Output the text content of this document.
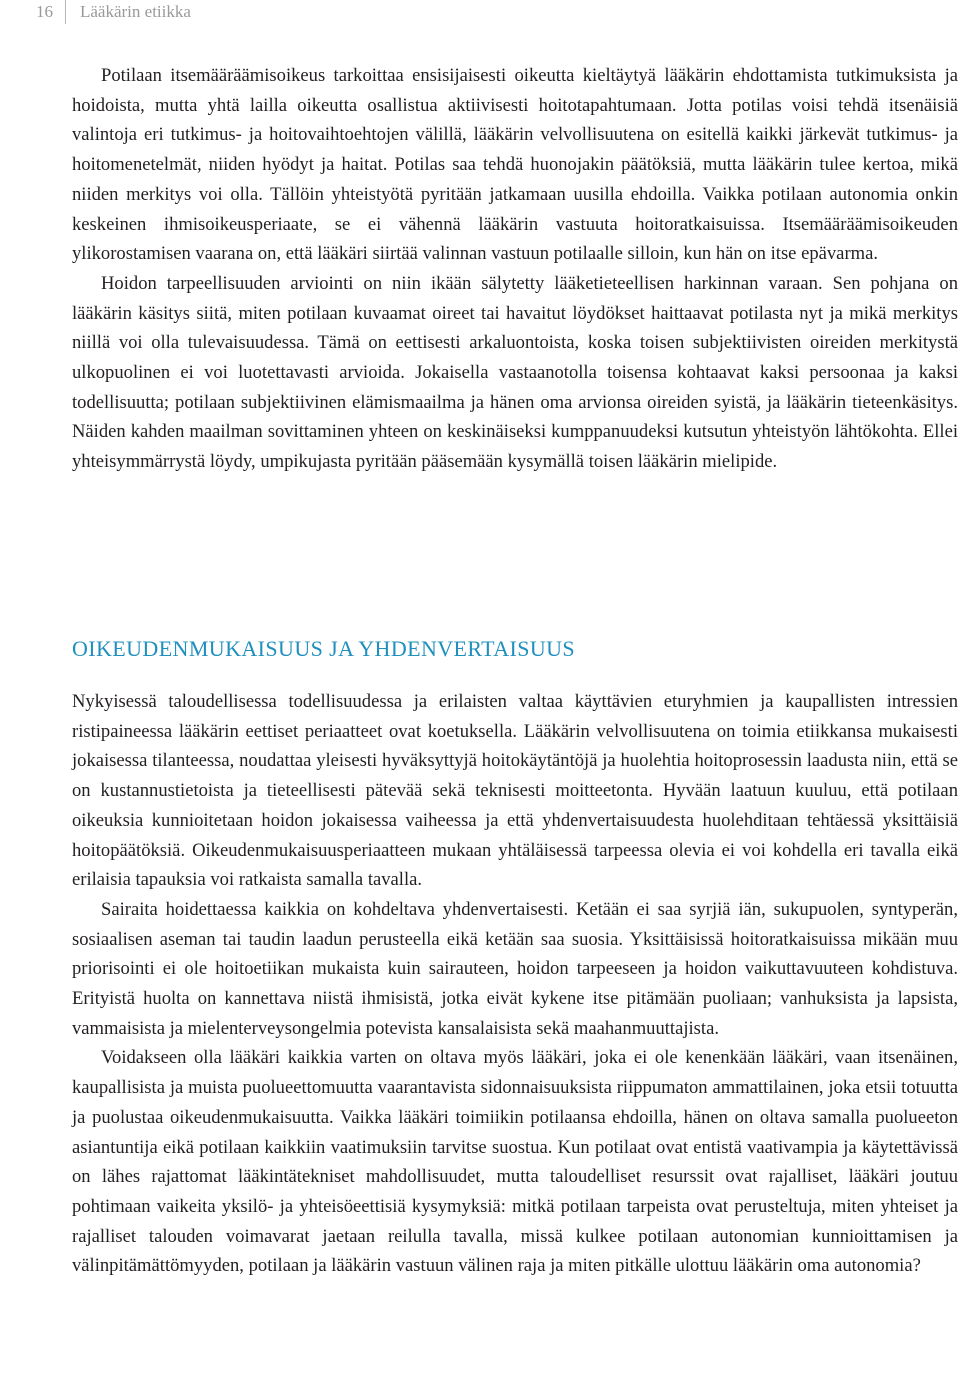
16	Lääkärin etiikka

Potilaan itsemääräämisoikeus tarkoittaa ensisijaisesti oikeutta kieltäytyä lääkärin ehdottamista tutkimuksista ja hoidoista, mutta yhtä lailla oikeutta osallistua aktiivisesti hoitotapahtumaan. Jotta potilas voisi tehdä itsenäisiä valintoja eri tutkimus- ja hoitovaihtoehtojen välillä, lääkärin velvollisuutena on esitellä kaikki järkevät tutkimus- ja hoitomenetelmät, niiden hyödyt ja haitat. Potilas saa tehdä huonojakin päätöksiä, mutta lääkärin tulee kertoa, mikä niiden merkitys voi olla. Tällöin yhteistyötä pyritään jatkamaan uusilla ehdoilla. Vaikka potilaan autonomia onkin keskeinen ihmisoikeusperiaate, se ei vähennä lääkärin vastuuta hoitoratkaisuissa. Itsemääräämisoikeuden ylikorostamisen vaarana on, että lääkäri siirtää valinnan vastuun potilaalle silloin, kun hän on itse epävarma.

Hoidon tarpeellisuuden arviointi on niin ikään sälytetty lääketieteellisen harkinnan varaan. Sen pohjana on lääkärin käsitys siitä, miten potilaan kuvaamat oireet tai havaitut löydökset haittaavat potilasta nyt ja mikä merkitys niillä voi olla tulevaisuudessa. Tämä on eettisesti arkaluontoista, koska toisen subjektiivisten oireiden merkitystä ulkopuolinen ei voi luotettavasti arvioida. Jokaisella vastaanotolla toisensa kohtaavat kaksi persoonaa ja kaksi todellisuutta; potilaan subjektiivinen elämismaailma ja hänen oma arvionsa oireiden syistä, ja lääkärin tieteenkäsitys. Näiden kahden maailman sovittaminen yhteen on keskinäiseksi kumppanuudeksi kutsutun yhteistyön lähtökohta. Ellei yhteisymmärrystä löydy, umpikujasta pyritään pääsemään kysymällä toisen lääkärin mielipide.

OIKEUDENMUKAISUUS JA YHDENVERTAISUUS

Nykyisessä taloudellisessa todellisuudessa ja erilaisten valtaa käyttävien eturyhmien ja kaupallisten intressien ristipaineessa lääkärin eettiset periaatteet ovat koetuksella. Lääkärin velvollisuutena on toimia etiikkansa mukaisesti jokaisessa tilanteessa, noudattaa yleisesti hyväksyttyjä hoitokäytäntöjä ja huolehtia hoitoprosessin laadusta niin, että se on kustannustietoista ja tieteellisesti pätevää sekä teknisesti moitteetonta. Hyvään laatuun kuuluu, että potilaan oikeuksia kunnioitetaan hoidon jokaisessa vaiheessa ja että yhdenvertaisuudesta huolehditaan tehtäessä yksittäisiä hoitopäätöksiä. Oikeudenmukaisuusperiaatteen mukaan yhtäläisessä tarpeessa olevia ei voi kohdella eri tavalla eikä erilaisia tapauksia voi ratkaista samalla tavalla.

Sairaita hoidettaessa kaikkia on kohdeltava yhdenvertaisesti. Ketään ei saa syrjiä iän, sukupuolen, syntyperän, sosiaalisen aseman tai taudin laadun perusteella eikä ketään saa suosia. Yksittäisissä hoitoratkaisuissa mikään muu priorisointi ei ole hoitoetiikan mukaista kuin sairauteen, hoidon tarpeeseen ja hoidon vaikuttavuuteen kohdistuva. Erityistä huolta on kannettava niistä ihmisistä, jotka eivät kykene itse pitämään puoliaan; vanhuksista ja lapsista, vammaisista ja mielenterveysongelmia potevista kansalaisista sekä maahanmuuttajista.

Voidakseen olla lääkäri kaikkia varten on oltava myös lääkäri, joka ei ole kenenkään lääkäri, vaan itsenäinen, kaupallisista ja muista puolueettomuutta vaarantavista sidonnaisuuksista riippumaton ammattilainen, joka etsii totuutta ja puolustaa oikeudenmukaisuutta. Vaikka lääkäri toimiikin potilaansa ehdoilla, hänen on oltava samalla puolueeton asiantuntija eikä potilaan kaikkiin vaatimuksiin tarvitse suostua. Kun potilaat ovat entistä vaativampia ja käytettävissä on lähes rajattomat lääkintätekniset mahdollisuudet, mutta taloudelliset resurssit ovat rajalliset, lääkäri joutuu pohtimaan vaikeita yksilö- ja yhteisöeettisiä kysymyksiä: mitkä potilaan tarpeista ovat perusteltuja, miten yhteiset ja rajalliset talouden voimavarat jaetaan reilulla tavalla, missä kulkee potilaan autonomian kunnioittamisen ja välinpitämättömyyden, potilaan ja lääkärin vastuun välinen raja ja miten pitkälle ulottuu lääkärin oma autonomia?
